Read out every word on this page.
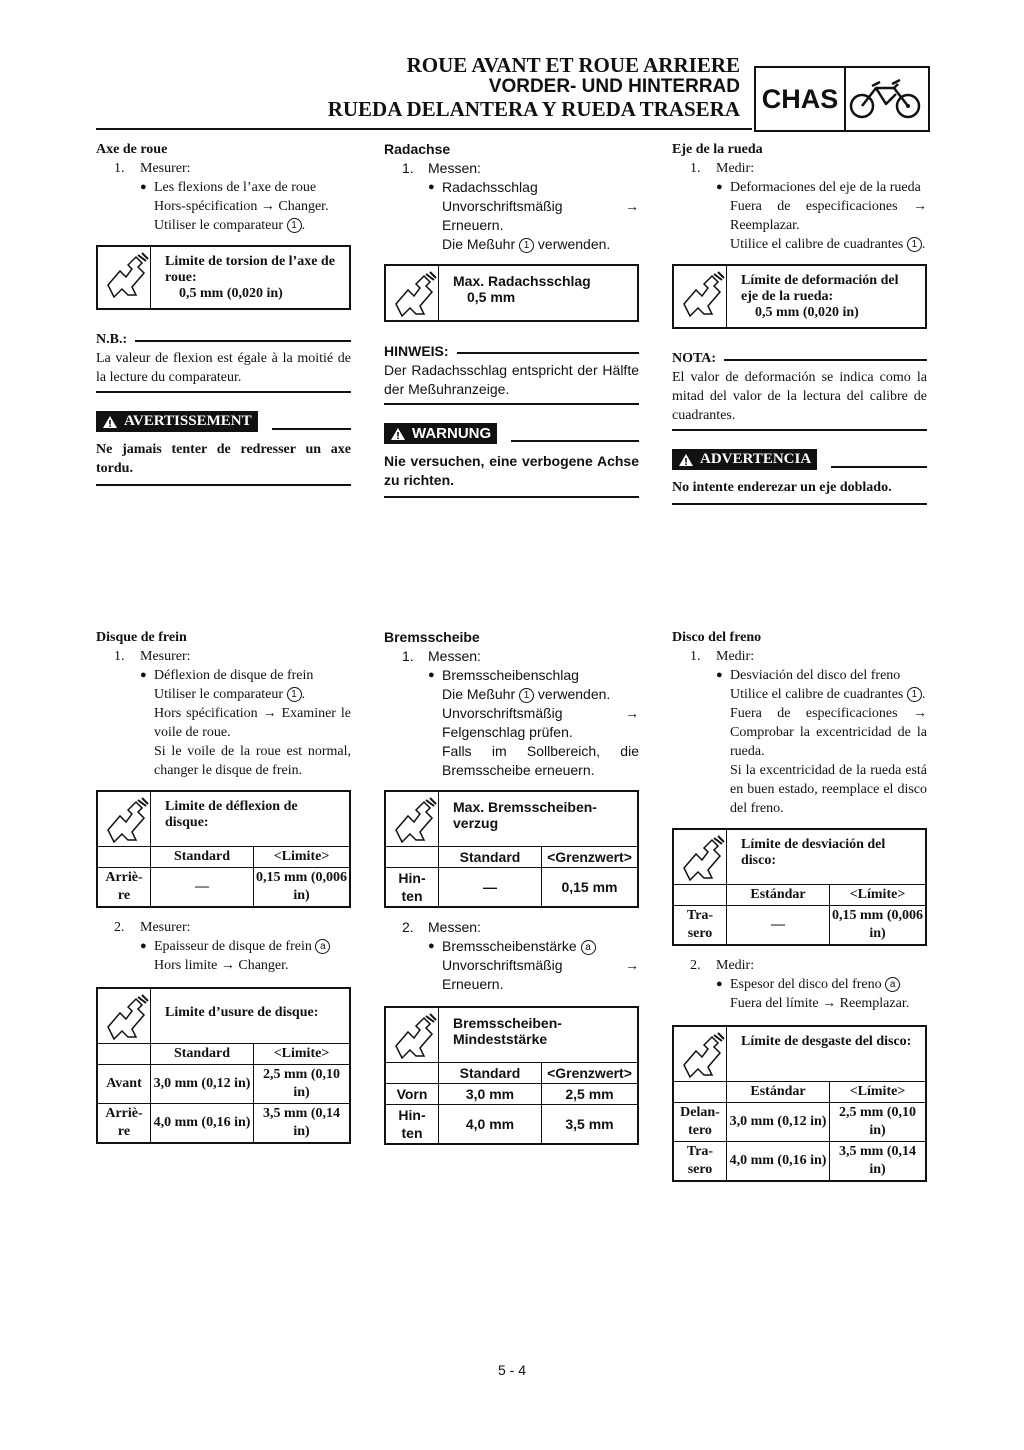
ROUE AVANT ET ROUE ARRIERE
VORDER- UND HINTERRAD
RUEDA DELANTERA Y RUEDA TRASERA CHAS
Axe de roue
1.	Mesurer:
● Les flexions de l’axe de roue
Hors-spécification → Changer.
Utiliser le comparateur 1 .
Limite de torsion de l’axe de roue:
0,5 mm (0,020 in)
N.B.:
La valeur de flexion est égale à la moitié de la lecture du comparateur.
AVERTISSEMENT
Ne jamais tenter de redresser un axe tordu.
Radachse
1.	Messen:
● Radachsschlag
Unvorschriftsmäßig → Erneuern.
Die Meßuhr 1 verwenden.
Max. Radachsschlag
0,5 mm
HINWEIS:
Der Radachsschlag entspricht der Hälfte der Meßuhranzeige.
WARNUNG
Nie versuchen, eine verbogene Achse zu richten.
Eje de la rueda
1.	Medir:
● Deformaciones del eje de la rueda
Fuera de especificaciones → Reemplazar.
Utilice el calibre de cuadrantes 1 .
Límite de deformación del eje de la rueda:
0,5 mm (0,020 in)
NOTA:
El valor de deformación se indica como la mitad del valor de la lectura del calibre de cuadrantes.
ADVERTENCIA
No intente enderezar un eje doblado.
Disque de frein
1.	Mesurer:
● Déflexion de disque de frein
Utiliser le comparateur 1 .
Hors spécification → Examiner le voile de roue.
Si le voile de la roue est normal, changer le disque de frein.
Limite de déflexion de disque:
	Standard	<Limite>
Arriè-re	—	0,15 mm (0,006 in)
2.	Mesurer:
● Epaisseur de disque de frein a
Hors limite → Changer.
Limite d’usure de disque:
	Standard	<Limite>
Avant	3,0 mm (0,12 in)	2,5 mm (0,10 in)
Arriè-re	4,0 mm (0,16 in)	3,5 mm (0,14 in)
Bremsscheibe
1.	Messen:
● Bremsscheibenschlag
Die Meßuhr 1 verwenden.
Unvorschriftsmäßig → Felgenschlag prüfen.
Falls im Sollbereich, die Bremsscheibe erneuern.
Max. Bremsscheiben-verzug
	Standard	<Grenzwert>
Hin-ten	—	0,15 mm
2.	Messen:
● Bremsscheibenstärke a
Unvorschriftsmäßig → Erneuern.
Bremsscheiben-Mindeststärke
	Standard	<Grenzwert>
Vorn	3,0 mm	2,5 mm
Hin-ten	4,0 mm	3,5 mm
Disco del freno
1.	Medir:
● Desviación del disco del freno
Utilice el calibre de cuadrantes 1 .
Fuera de especificaciones → Comprobar la excentricidad de la rueda.
Si la excentricidad de la rueda está en buen estado, reemplace el disco del freno.
Límite de desviación del disco:
	Estándar	<Límite>
Tra-sero	—	0,15 mm (0,006 in)
2.	Medir:
● Espesor del disco del freno a
Fuera del límite → Reemplazar.
Límite de desgaste del disco:
	Estándar	<Límite>
Delan-tero	3,0 mm (0,12 in)	2,5 mm (0,10 in)
Tra-sero	4,0 mm (0,16 in)	3,5 mm (0,14 in)
5 - 4
